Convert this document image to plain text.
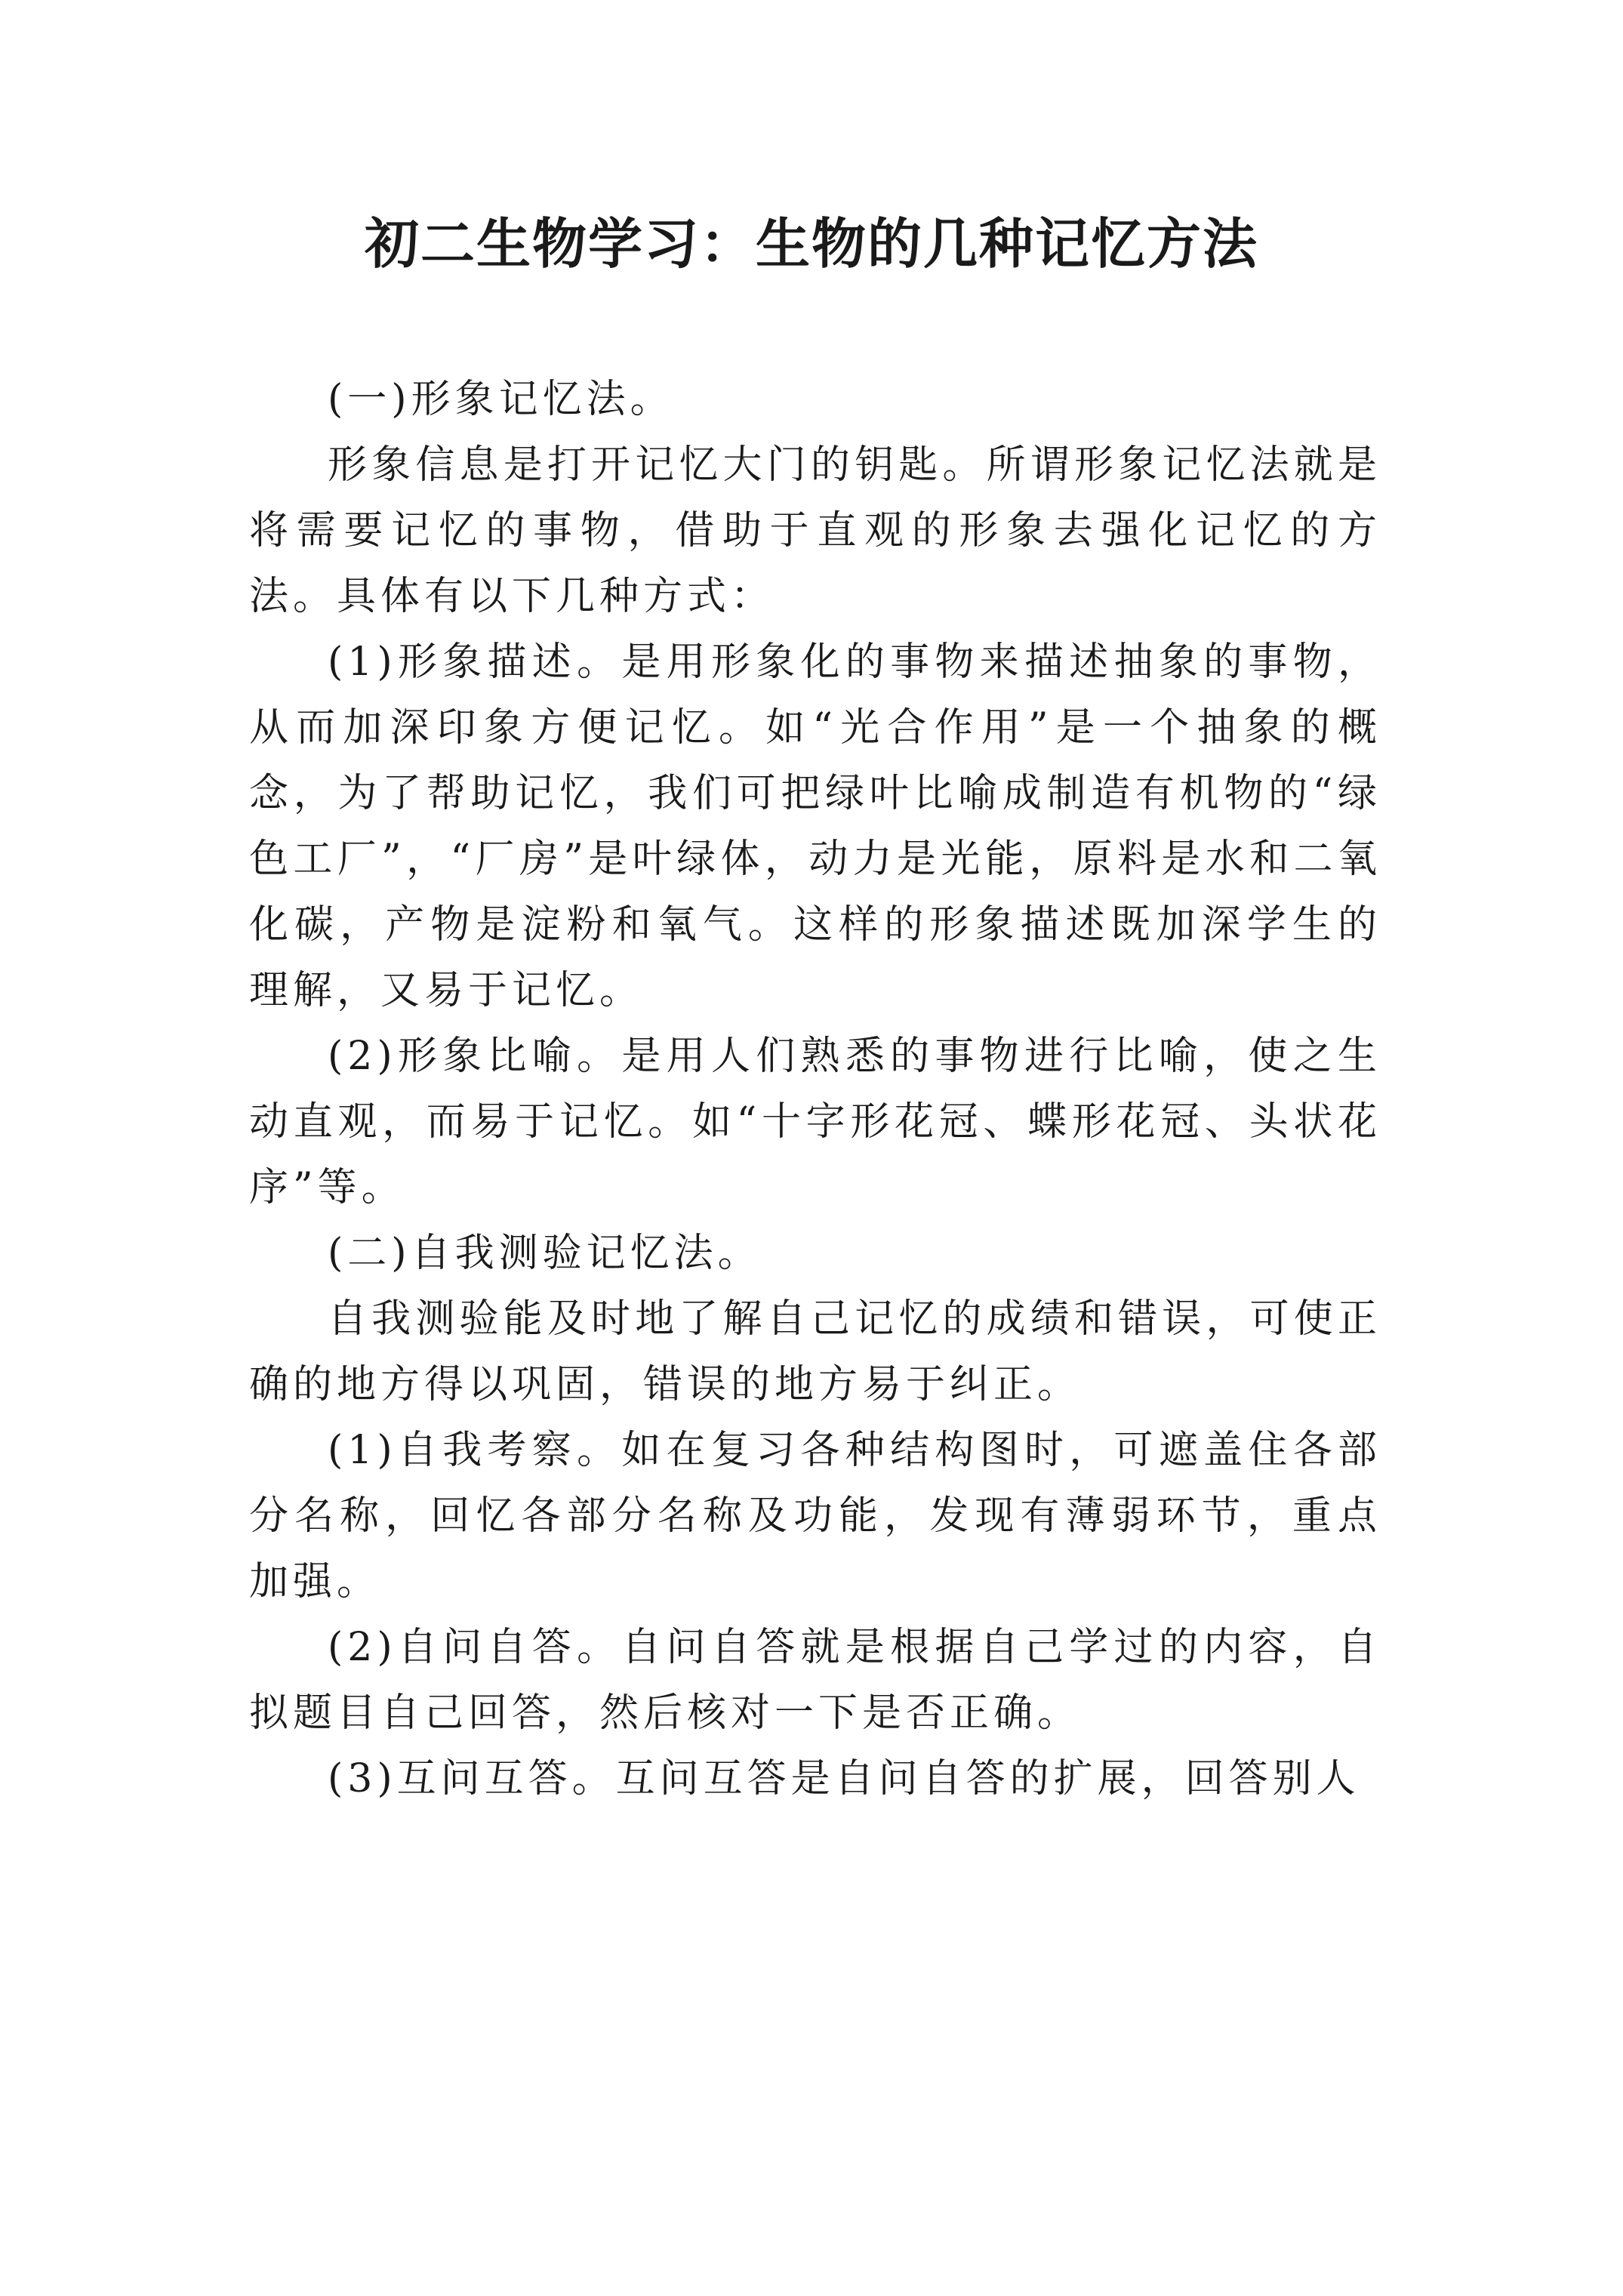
初二生物学习：生物的几种记忆方法

(一)形象记忆法。

形象信息是打开记忆大门的钥匙。所谓形象记忆法就是将需要记忆的事物，借助于直观的形象去强化记忆的方法。具体有以下几种方式：

(1)形象描述。是用形象化的事物来描述抽象的事物，从而加深印象方便记忆。如“光合作用”是一个抽象的概念，为了帮助记忆，我们可把绿叶比喻成制造有机物的“绿色工厂”，“厂房”是叶绿体，动力是光能，原料是水和二氧化碳，产物是淀粉和氧气。这样的形象描述既加深学生的理解，又易于记忆。

(2)形象比喻。是用人们熟悉的事物进行比喻，使之生动直观，而易于记忆。如“十字形花冠、蝶形花冠、头状花序”等。

(二)自我测验记忆法。

自我测验能及时地了解自己记忆的成绩和错误，可使正确的地方得以巩固，错误的地方易于纠正。

(1)自我考察。如在复习各种结构图时，可遮盖住各部分名称，回忆各部分名称及功能，发现有薄弱环节，重点加强。

(2)自问自答。自问自答就是根据自己学过的内容，自拟题目自己回答，然后核对一下是否正确。

(3)互问互答。互问互答是自问自答的扩展，回答别人
